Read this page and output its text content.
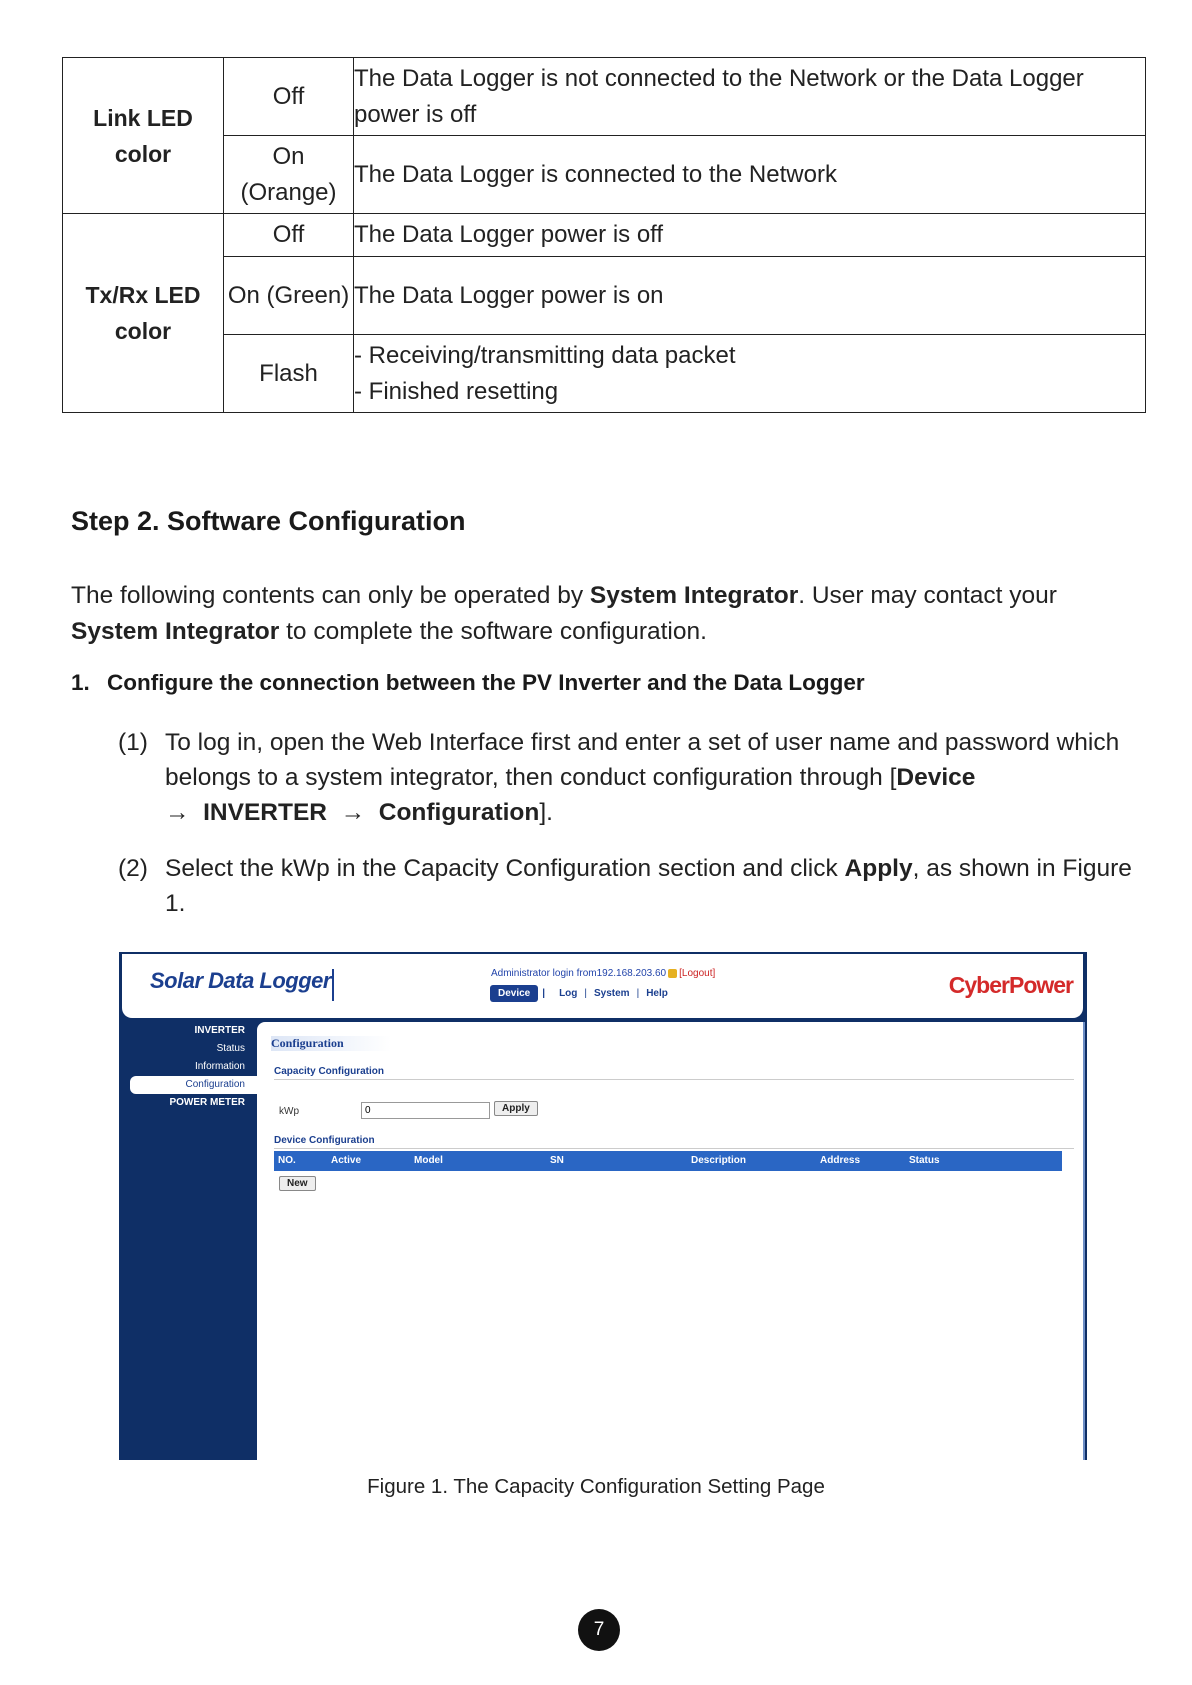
Link LED color	Off	The Data Logger is not connected to the Network or the Data Logger power is off
	On (Orange)	The Data Logger is connected to the Network
Tx/Rx LED color	Off	The Data Logger power is off
	On (Green)	The Data Logger power is on
	Flash	- Receiving/transmitting data packet
- Finished resetting
Step 2. Software Configuration
The following contents can only be operated by System Integrator. User may contact your
System Integrator to complete the software configuration.
1. Configure the connection between the PV Inverter and the Data Logger
(1) To log in, open the Web Interface first and enter a set of user name and password which belongs to a system integrator, then conduct configuration through [Device
→ INVERTER → Configuration].
(2) Select the kWp in the Capacity Configuration section and click Apply, as shown in Figure 1.
Solar Data Logger	Administrator login from192.168.203.60 [Logout]
Device | Log | System | Help	CyberPower
INVERTER
Status
Information
Configuration
POWER METER
Configuration
Capacity Configuration
kWp	0	Apply
Device Configuration
NO.	Active	Model	SN	Description	Address	Status
New
Figure 1. The Capacity Configuration Setting Page
7
